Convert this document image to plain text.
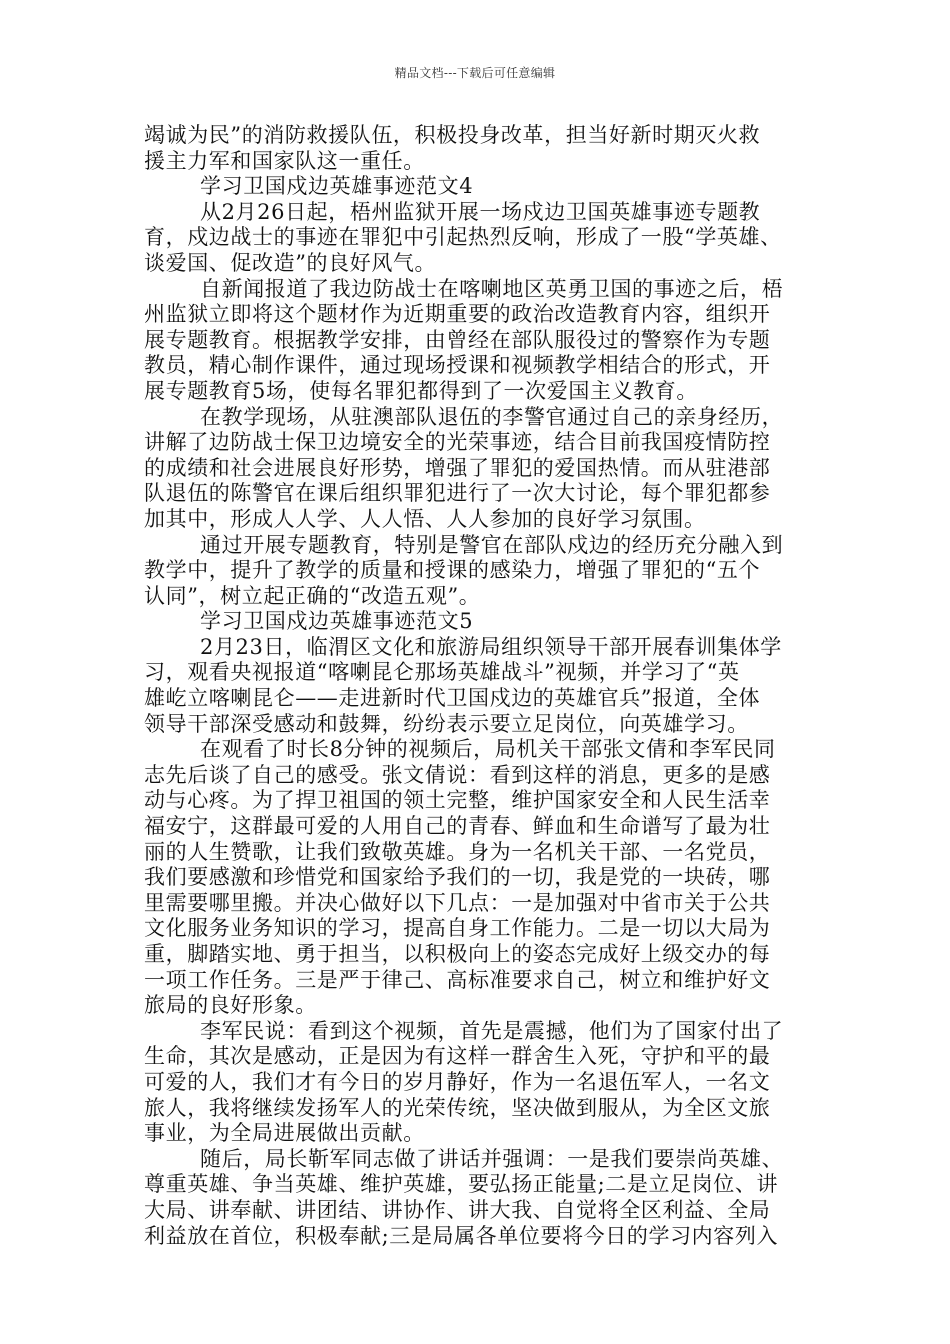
精品文档---下载后可任意编辑
竭诚为民”的消防救援队伍，积极投身改革，担当好新时期灭火救
援主力军和国家队这一重任。
学习卫国戍边英雄事迹范文4
从2月26日起，梧州监狱开展一场戍边卫国英雄事迹专题教
育，戍边战士的事迹在罪犯中引起热烈反响，形成了一股“学英雄、
谈爱国、促改造”的良好风气。
自新闻报道了我边防战士在喀喇地区英勇卫国的事迹之后，梧
州监狱立即将这个题材作为近期重要的政治改造教育内容，组织开
展专题教育。根据教学安排，由曾经在部队服役过的警察作为专题
教员，精心制作课件，通过现场授课和视频教学相结合的形式，开
展专题教育5场，使每名罪犯都得到了一次爱国主义教育。
在教学现场，从驻澳部队退伍的李警官通过自己的亲身经历，
讲解了边防战士保卫边境安全的光荣事迹，结合目前我国疫情防控
的成绩和社会进展良好形势，增强了罪犯的爱国热情。而从驻港部
队退伍的陈警官在课后组织罪犯进行了一次大讨论，每个罪犯都参
加其中，形成人人学、人人悟、人人参加的良好学习氛围。
通过开展专题教育，特别是警官在部队戍边的经历充分融入到
教学中，提升了教学的质量和授课的感染力，增强了罪犯的“五个
认同”，树立起正确的“改造五观”。
学习卫国戍边英雄事迹范文5
2月23日，临渭区文化和旅游局组织领导干部开展春训集体学
习，观看央视报道“喀喇昆仑那场英雄战斗”视频，并学习了“英
雄屹立喀喇昆仑——走进新时代卫国戍边的英雄官兵”报道，全体
领导干部深受感动和鼓舞，纷纷表示要立足岗位，向英雄学习。
在观看了时长8分钟的视频后，局机关干部张文倩和李军民同
志先后谈了自己的感受。张文倩说：看到这样的消息，更多的是感
动与心疼。为了捍卫祖国的领土完整，维护国家安全和人民生活幸
福安宁，这群最可爱的人用自己的青春、鲜血和生命谱写了最为壮
丽的人生赞歌，让我们致敬英雄。身为一名机关干部、一名党员，
我们要感激和珍惜党和国家给予我们的一切，我是党的一块砖，哪
里需要哪里搬。并决心做好以下几点：一是加强对中省市关于公共
文化服务业务知识的学习，提高自身工作能力。二是一切以大局为
重，脚踏实地、勇于担当，以积极向上的姿态完成好上级交办的每
一项工作任务。三是严于律己、高标准要求自己，树立和维护好文
旅局的良好形象。
李军民说：看到这个视频，首先是震撼，他们为了国家付出了
生命，其次是感动，正是因为有这样一群舍生入死，守护和平的最
可爱的人，我们才有今日的岁月静好，作为一名退伍军人，一名文
旅人，我将继续发扬军人的光荣传统，坚决做到服从，为全区文旅
事业，为全局进展做出贡献。
随后，局长靳军同志做了讲话并强调：一是我们要崇尚英雄、
尊重英雄、争当英雄、维护英雄，要弘扬正能量;二是立足岗位、讲
大局、讲奉献、讲团结、讲协作、讲大我、自觉将全区利益、全局
利益放在首位，积极奉献;三是局属各单位要将今日的学习内容列入
